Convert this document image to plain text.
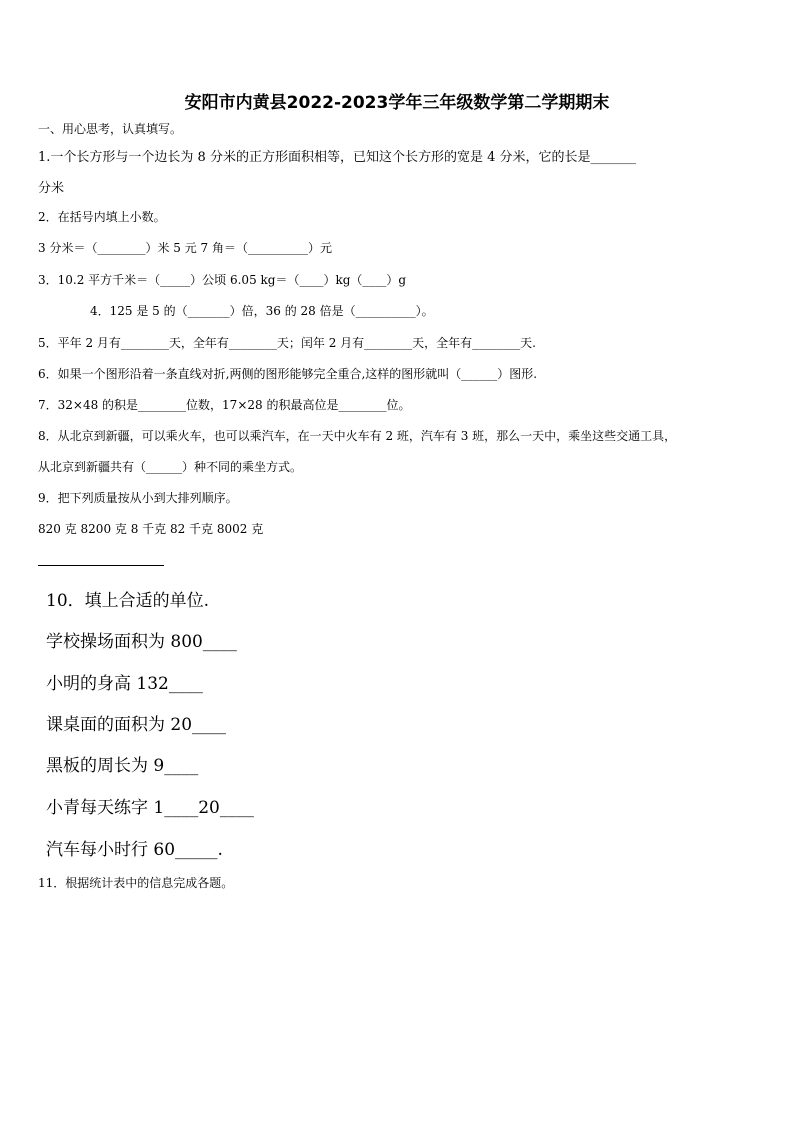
安阳市内黄县2022-2023学年三年级数学第二学期期末
一、用心思考，认真填写。
1.一个长方形与一个边长为 8 分米的正方形面积相等，已知这个长方形的宽是 4 分米，它的长是_______
分米
2．在括号内填上小数。
3 分米＝（________）米 5 元 7 角＝（__________）元
3．10.2 平方千米＝（_____）公顷 6.05 kg＝（____）kg（____）g
4．125 是 5 的（_______）倍，36 的 28 倍是（__________）。
5．平年 2 月有________天，全年有________天；闰年 2 月有________天，全年有________天.
6．如果一个图形沿着一条直线对折,两侧的图形能够完全重合,这样的图形就叫（______）图形.
7．32×48 的积是________位数，17×28 的积最高位是________位。
8．从北京到新疆，可以乘火车，也可以乘汽车，在一天中火车有 2 班，汽车有 3 班，那么一天中，乘坐这些交通工具，
从北京到新疆共有（______）种不同的乘坐方式。
9．把下列质量按从小到大排列顺序。
820 克 8200 克 8 千克 82 千克 8002 克
10．填上合适的单位.
学校操场面积为 800____
小明的身高 132____
课桌面的面积为 20____
黑板的周长为 9____
小青每天练字 1____20____
汽车每小时行 60_____.
11．根据统计表中的信息完成各题。
